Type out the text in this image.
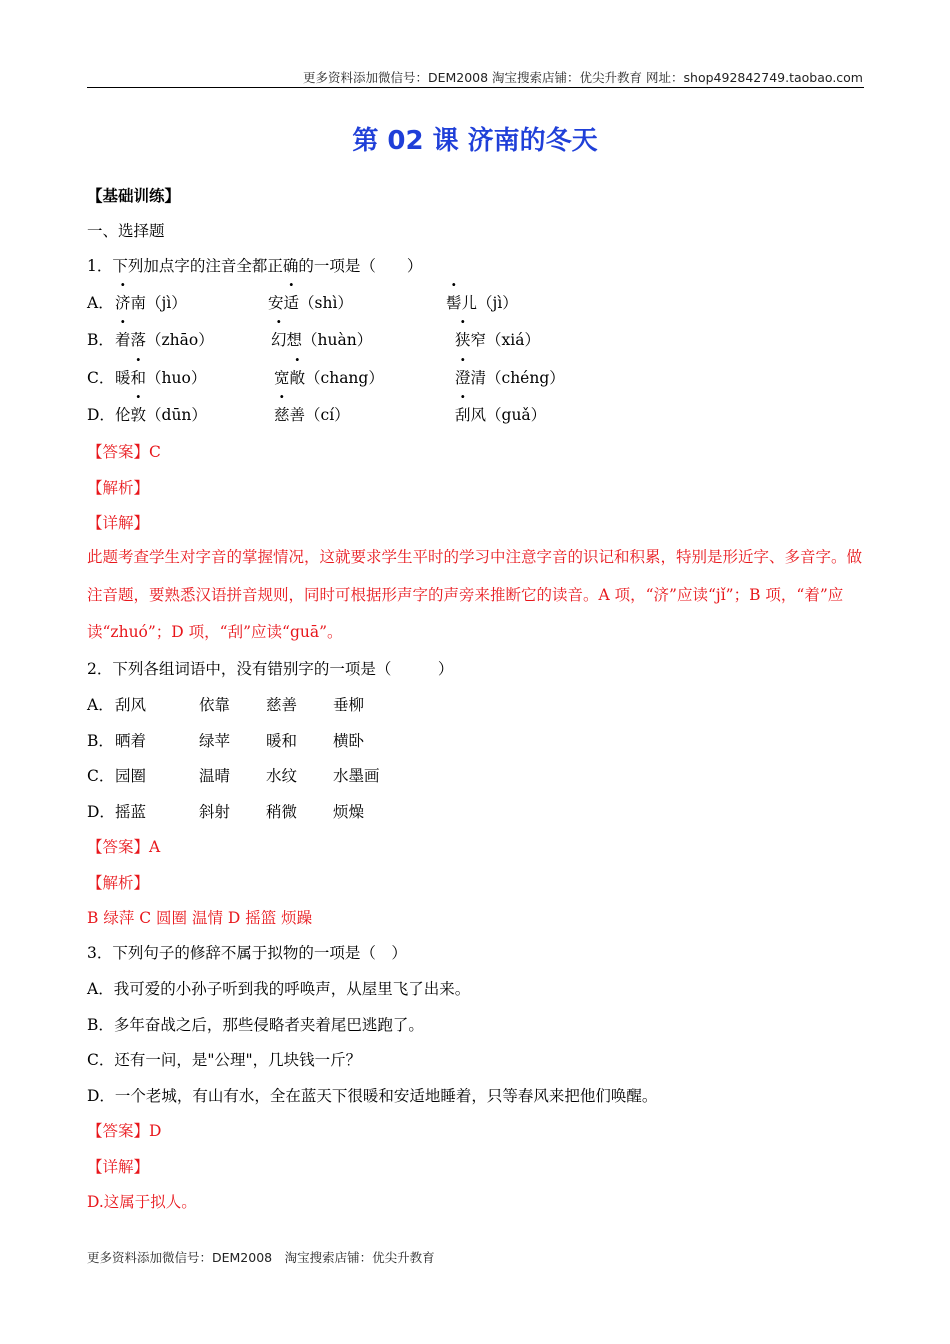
更多资料添加微信号：DEM2008 淘宝搜索店铺：优尖升教育 网址：shop492842749.taobao.com
第 02 课 济南的冬天
【基础训练】
一、选择题
1．下列加点字的注音全都正确的一项是（　　）
A． 济南（jì）	安适（shì）	髻儿（jì）
B． 着落（zhāo）	幻想（huàn）	狭窄（xiá）
C． 暖和（huo）	宽敞（chang）	澄清（chéng）
D． 伦敦（dūn）	慈善（cí）	刮风（guǎ）
【答案】C
【解析】
【详解】
此题考查学生对字音的掌握情况，这就要求学生平时的学习中注意字音的识记和积累，特别是形近字、多音字。做注音题，要熟悉汉语拼音规则，同时可根据形声字的声旁来推断它的读音。A 项，“济”应读“jǐ”；B 项，“着”应读“zhuó”；D 项，“刮”应读“guā”。
2．下列各组词语中，没有错别字的一项是（　　　）
A． 刮风	依靠 慈善 垂柳
B． 晒着	绿苹 暖和 横卧
C． 园圈	温晴 水纹 水墨画
D． 摇蓝	斜射 稍微 烦燥
【答案】A
【解析】
B 绿萍 C 圆圈 温情 D 摇篮 烦躁
3．下列句子的修辞不属于拟物的一项是（　）
A．我可爱的小孙子听到我的呼唤声，从屋里飞了出来。
B．多年奋战之后，那些侵略者夹着尾巴逃跑了。
C．还有一问，是"公理"，几块钱一斤？
D．一个老城，有山有水，全在蓝天下很暖和安适地睡着，只等春风来把他们唤醒。
【答案】D
【详解】
D.这属于拟人。
更多资料添加微信号：DEM2008　淘宝搜索店铺：优尖升教育
